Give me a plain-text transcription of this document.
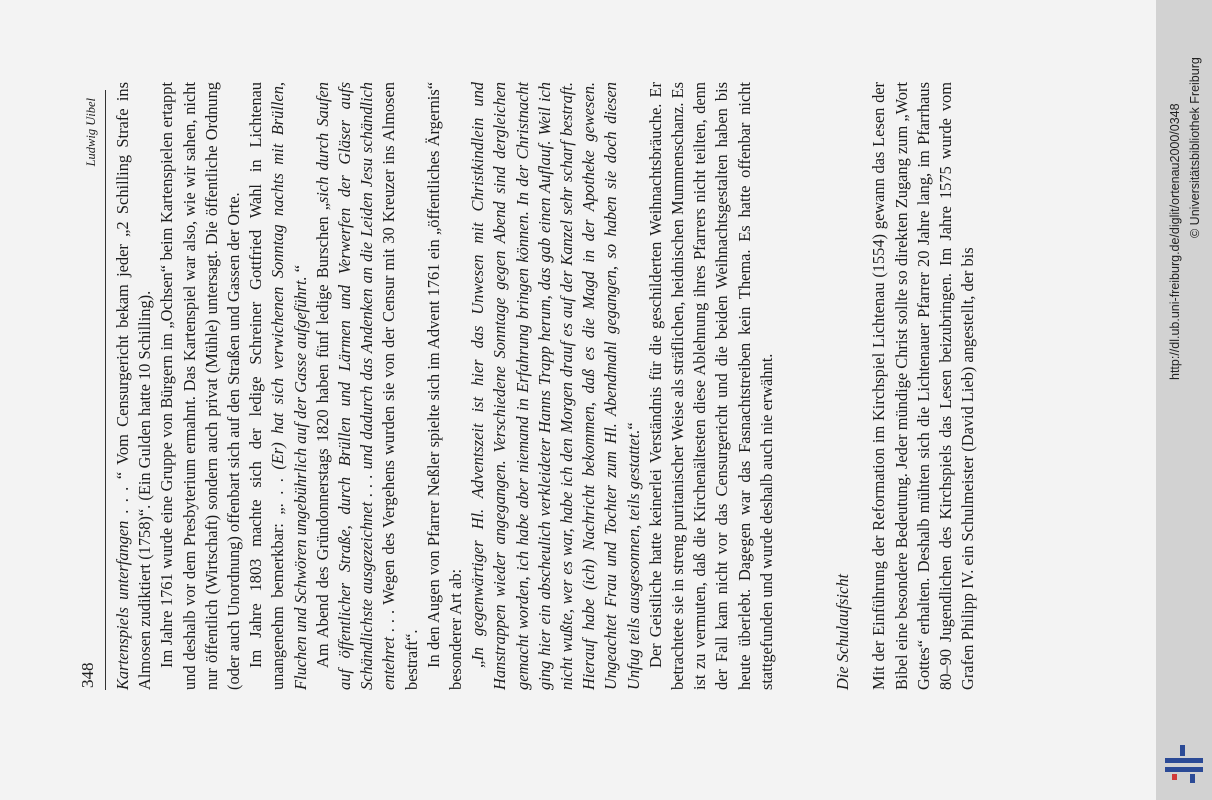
348
Ludwig Uibel

Kartenspiels unterfangen . . . “ Vom Censurgericht bekam jeder „2 Schilling Strafe ins Almosen zudiktiert (1758)“. (Ein Gulden hatte 10 Schilling). Im Jahre 1761 wurde eine Gruppe von Bürgern im „Ochsen“ beim Kartenspielen ertappt und deshalb vor dem Presbyterium ermahnt. Das Kartenspiel war also, wie wir sahen, nicht nur öffentlich (Wirtschaft) sondern auch privat (Mühle) untersagt. Die öffentliche Ordnung (oder auch Unordnung) offenbart sich auf den Straßen und Gassen der Orte. Im Jahre 1803 machte sich der ledige Schreiner Gottfried Wahl in Lichtenau unangenehm bemerkbar: „. . . (Er) hat sich verwichenen Sonntag nachts mit Brüllen, Fluchen und Schwören ungebührlich auf der Gasse aufgeführt. “ Am Abend des Gründonnerstags 1820 haben fünf ledige Burschen „sich durch Saufen auf öffentlicher Straße, durch Brüllen und Lärmen und Verwerfen der Gläser aufs Schändlichste ausgezeichnet . . . und dadurch das Andenken an die Leiden Jesu schändlich entehret . . . Wegen des Vergehens wurden sie von der Censur mit 30 Kreuzer ins Almosen bestraft“. In den Augen von Pfarrer Neßler spielte sich im Advent 1761 ein „öffentliches Ärgernis“ besonderer Art ab: „In gegenwärtiger Hl. Adventszeit ist hier das Unwesen mit Christkindlein und Hanstrappen wieder angegangen. Verschiedene Sonntage gegen Abend sind dergleichen gemacht worden, ich habe aber niemand in Erfahrung bringen können. In der Christnacht ging hier ein abscheulich verkleideter Hanns Trapp herum, das gab einen Auflauf. Weil ich nicht wußte, wer es war, habe ich den Morgen drauf es auf der Kanzel sehr scharf bestraft. Hierauf habe (ich) Nachricht bekommen, daß es die Magd in der Apotheke gewesen. Ungeachtet Frau und Tochter zum Hl. Abendmahl gegangen, so haben sie doch diesen Unfug teils ausgesonnen, teils gestattet.“ Der Geistliche hatte keinerlei Verständnis für die geschilderten Weihnachtsbräuche. Er betrachtete sie in streng puritanischer Weise als sträflichen, heidnischen Mummenschanz. Es ist zu vermuten, daß die Kirchenältesten diese Ablehnung ihres Pfarrers nicht teilten, denn der Fall kam nicht vor das Censurgericht und die beiden Weihnachtsgestalten haben bis heute überlebt. Dagegen war das Fasnachtstreiben kein Thema. Es hatte offenbar nicht stattgefunden und wurde deshalb auch nie erwähnt.	Die Schulaufsicht Mit der Einführung der Reformation im Kirchspiel Lichtenau (1554) gewann das Lesen der Bibel eine besondere Bedeutung. Jeder mündige Christ sollte so direkten Zugang zum „Wort Gottes“ erhalten. Deshalb mühten sich die Lichtenauer Pfarrer 20 Jahre lang, im Pfarrhaus 80–90 Jugendlichen des Kirchspiels das Lesen beizubringen. Im Jahre 1575 wurde vom Grafen Philipp IV. ein Schulmeister (David Lieb) angestellt, der bis

http://dl.ub.uni-freiburg.de/diglit/ortenau2000/0348 © Universitätsbibliothek Freiburg
